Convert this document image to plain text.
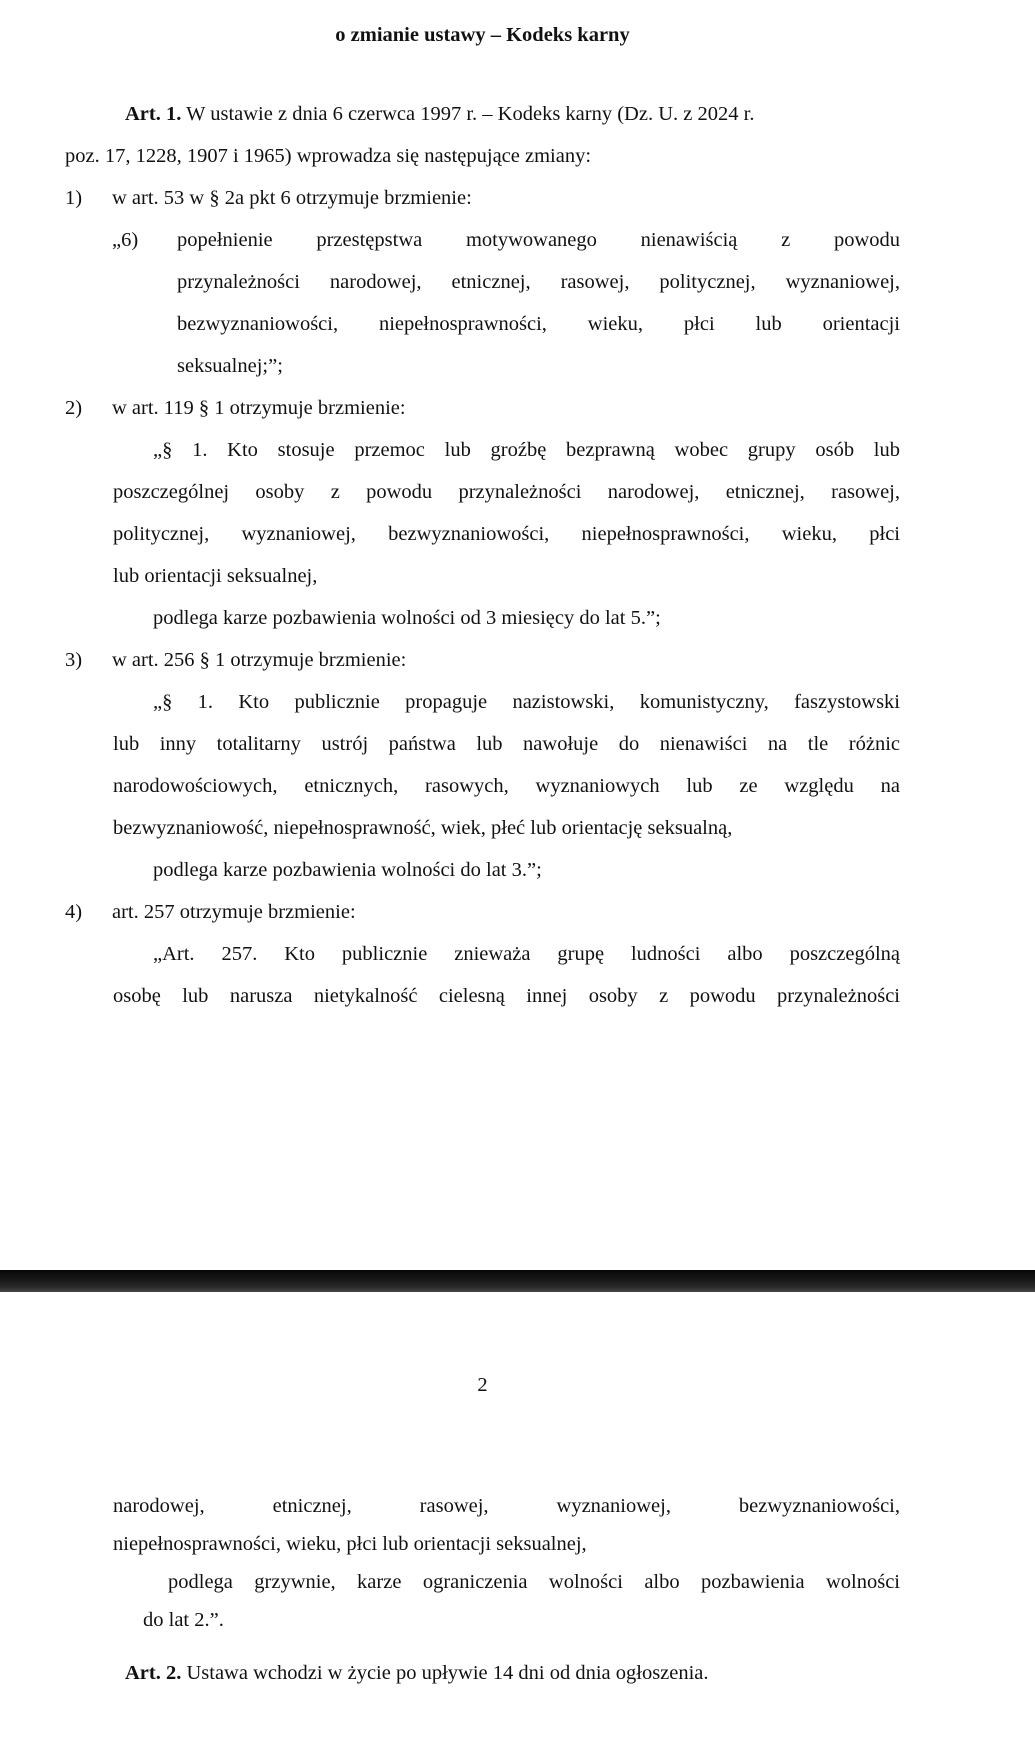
o zmianie ustawy – Kodeks karny
Art. 1. W ustawie z dnia 6 czerwca 1997 r. – Kodeks karny (Dz. U. z 2024 r.
poz. 17, 1228, 1907 i 1965) wprowadza się następujące zmiany:
1) w art. 53 w § 2a pkt 6 otrzymuje brzmienie:
„6) popełnienie przestępstwa motywowanego nienawiścią z powodu
przynależności narodowej, etnicznej, rasowej, politycznej, wyznaniowej,
bezwyznaniowości, niepełnosprawności, wieku, płci lub orientacji
seksualnej;”;
2) w art. 119 § 1 otrzymuje brzmienie:
„§ 1. Kto stosuje przemoc lub groźbę bezprawną wobec grupy osób lub
poszczególnej osoby z powodu przynależności narodowej, etnicznej, rasowej,
politycznej, wyznaniowej, bezwyznaniowości, niepełnosprawności, wieku, płci
lub orientacji seksualnej,
podlega karze pozbawienia wolności od 3 miesięcy do lat 5.”;
3) w art. 256 § 1 otrzymuje brzmienie:
„§ 1. Kto publicznie propaguje nazistowski, komunistyczny, faszystowski
lub inny totalitarny ustrój państwa lub nawołuje do nienawiści na tle różnic
narodowościowych, etnicznych, rasowych, wyznaniowych lub ze względu na
bezwyznaniowość, niepełnosprawność, wiek, płeć lub orientację seksualną,
podlega karze pozbawienia wolności do lat 3.”;
4) art. 257 otrzymuje brzmienie:
„Art. 257. Kto publicznie znieważa grupę ludności albo poszczególną
osobę lub narusza nietykalność cielesną innej osoby z powodu przynależności
2
narodowej, etnicznej, rasowej, wyznaniowej, bezwyznaniowości,
niepełnosprawności, wieku, płci lub orientacji seksualnej,
podlega grzywnie, karze ograniczenia wolności albo pozbawienia wolności
do lat 2.”.
Art. 2. Ustawa wchodzi w życie po upływie 14 dni od dnia ogłoszenia.
